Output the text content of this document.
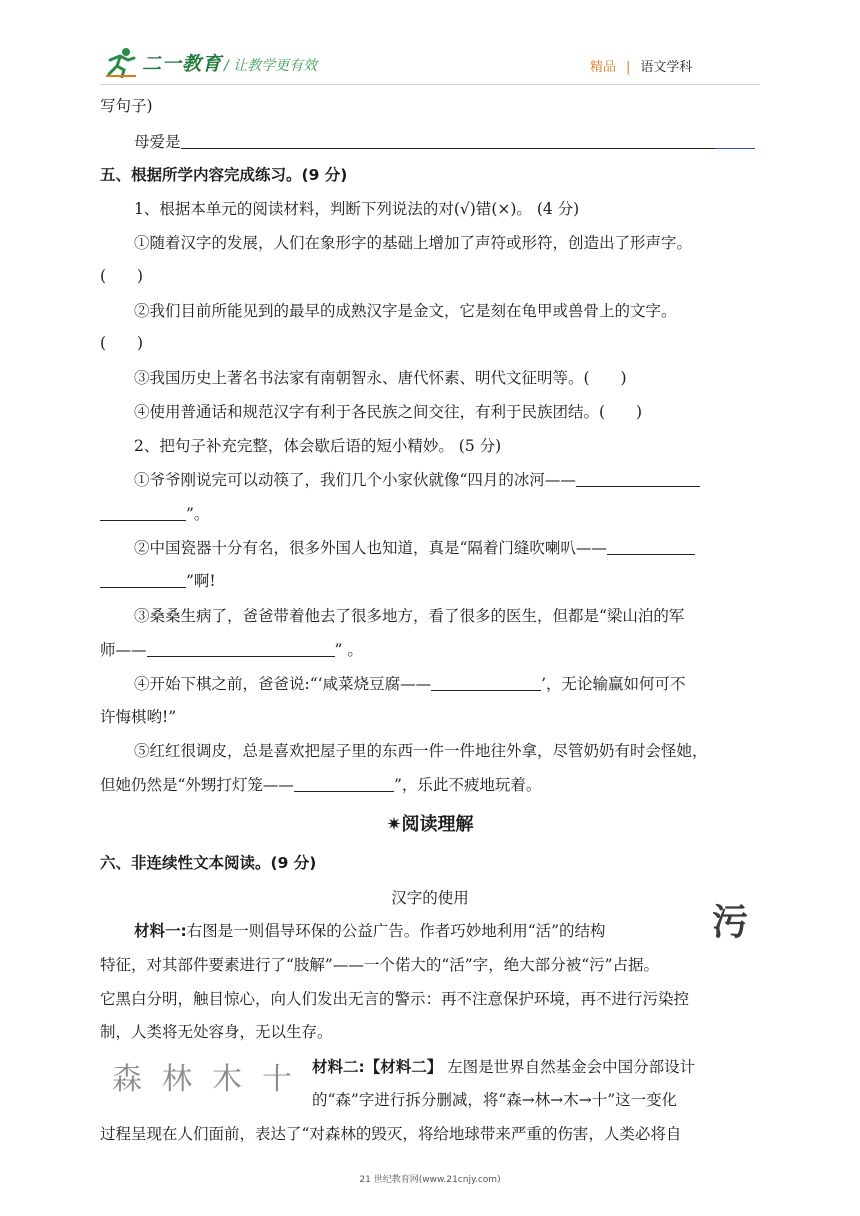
二一教育 / 让教学更有效	精品 | 语文学科
写句子)
母爱是
五、根据所学内容完成练习。(9 分)
1、根据本单元的阅读材料，判断下列说法的对(√)错(×)。 (4 分)
①随着汉字的发展，人们在象形字的基础上增加了声符或形符，创造出了形声字。
(　　)
②我们目前所能见到的最早的成熟汉字是金文，它是刻在龟甲或兽骨上的文字。
(　　)
③我国历史上著名书法家有南朝智永、唐代怀素、明代文征明等。(　　)
④使用普通话和规范汉字有利于各民族之间交往，有利于民族团结。(　　)
2、把句子补充完整，体会歇后语的短小精妙。 (5 分)
①爷爷刚说完可以动筷了，我们几个小家伙就像“四月的冰河——
”。
②中国瓷器十分有名，很多外国人也知道，真是“隔着门缝吹喇叭——
”啊!
③桑桑生病了，爸爸带着他去了很多地方，看了很多的医生，但都是“梁山泊的军
师——	” 。
④开始下棋之前，爸爸说:“‘咸菜烧豆腐——	’，无论输赢如何可不
许悔棋哟!”
⑤红红很调皮，总是喜欢把屋子里的东西一件一件地往外拿，尽管奶奶有时会怪她，
但她仍然是“外甥打灯笼——	”，乐此不疲地玩着。
✷阅读理解
六、非连续性文本阅读。(9 分)
汉字的使用
材料一:右图是一则倡导环保的公益广告。作者巧妙地利用“活”的结构	污
特征，对其部件要素进行了“肢解”——一个偌大的“活”字，绝大部分被“污”占据。
它黑白分明，触目惊心，向人们发出无言的警示：再不注意保护环境，再不进行污染控
制，人类将无处容身，无以生存。
森 林 木 十 材料二:【材料二】 左图是世界自然基金会中国分部设计
的“森”字进行拆分删减，将“森→林→木→十”这一变化
过程呈现在人们面前，表达了“对森林的毁灭，将给地球带来严重的伤害，人类必将自
21 世纪教育网(www.21cnjy.com)
